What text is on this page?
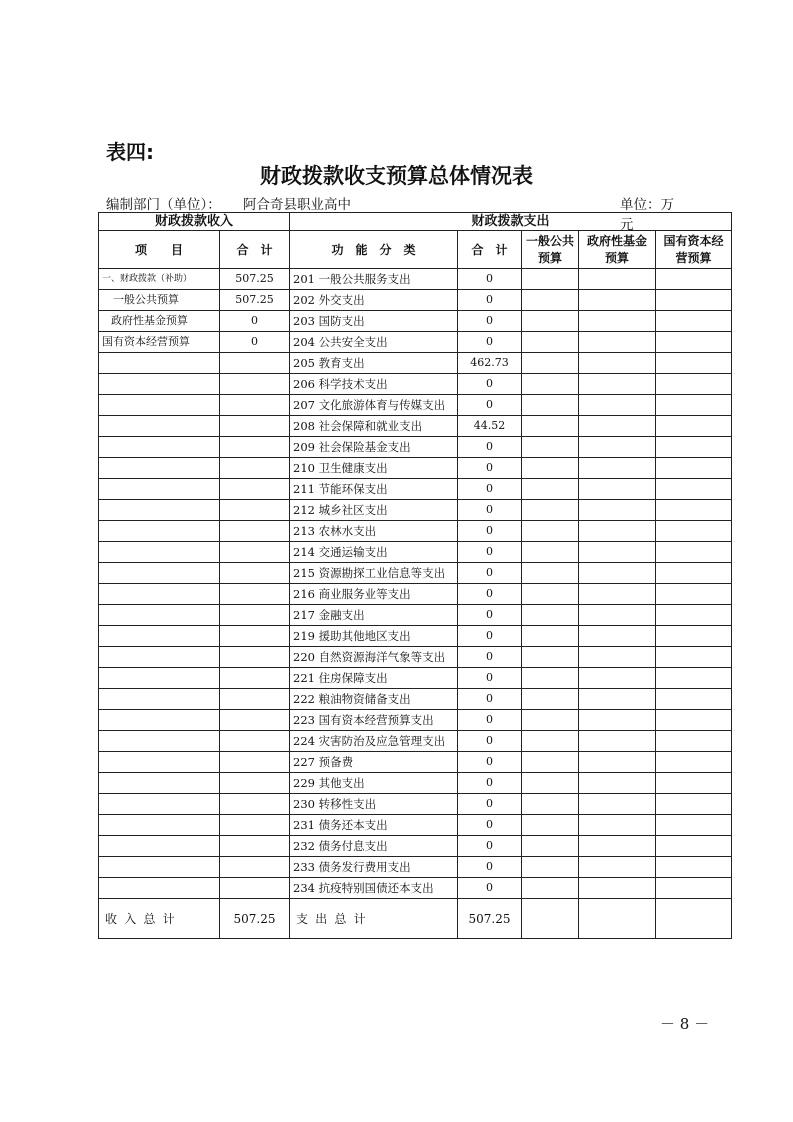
表四:
财政拨款收支预算总体情况表
编制部门（单位）： 阿合奇县职业高中	单位：万元
财政拨款收入		财政拨款支出				
项　　目	合　计	功　能　分　类	合　计	一般公共预算	政府性基金预算	国有资本经营预算
一、财政拨款（补助）	507.25	201 一般公共服务支出	0			
一般公共预算	507.25	202 外交支出	0			
政府性基金预算	0	203 国防支出	0			
国有资本经营预算	0	204 公共安全支出	0			
		205 教育支出	462.73			
		206 科学技术支出	0			
		207 文化旅游体育与传媒支出	0			
		208 社会保障和就业支出	44.52			
		209 社会保险基金支出	0			
		210 卫生健康支出	0			
		211 节能环保支出	0			
		212 城乡社区支出	0			
		213 农林水支出	0			
		214 交通运输支出	0			
		215 资源勘探工业信息等支出	0			
		216 商业服务业等支出	0			
		217 金融支出	0			
		219 援助其他地区支出	0			
		220 自然资源海洋气象等支出	0			
		221 住房保障支出	0			
		222 粮油物资储备支出	0			
		223 国有资本经营预算支出	0			
		224 灾害防治及应急管理支出	0			
		227 预备费	0			
		229 其他支出	0			
		230 转移性支出	0			
		231 债务还本支出	0			
		232 债务付息支出	0			
		233 债务发行费用支出	0			
		234 抗疫特别国债还本支出	0			
收入总计	507.25	支出总计	507.25			
－ 8 －
